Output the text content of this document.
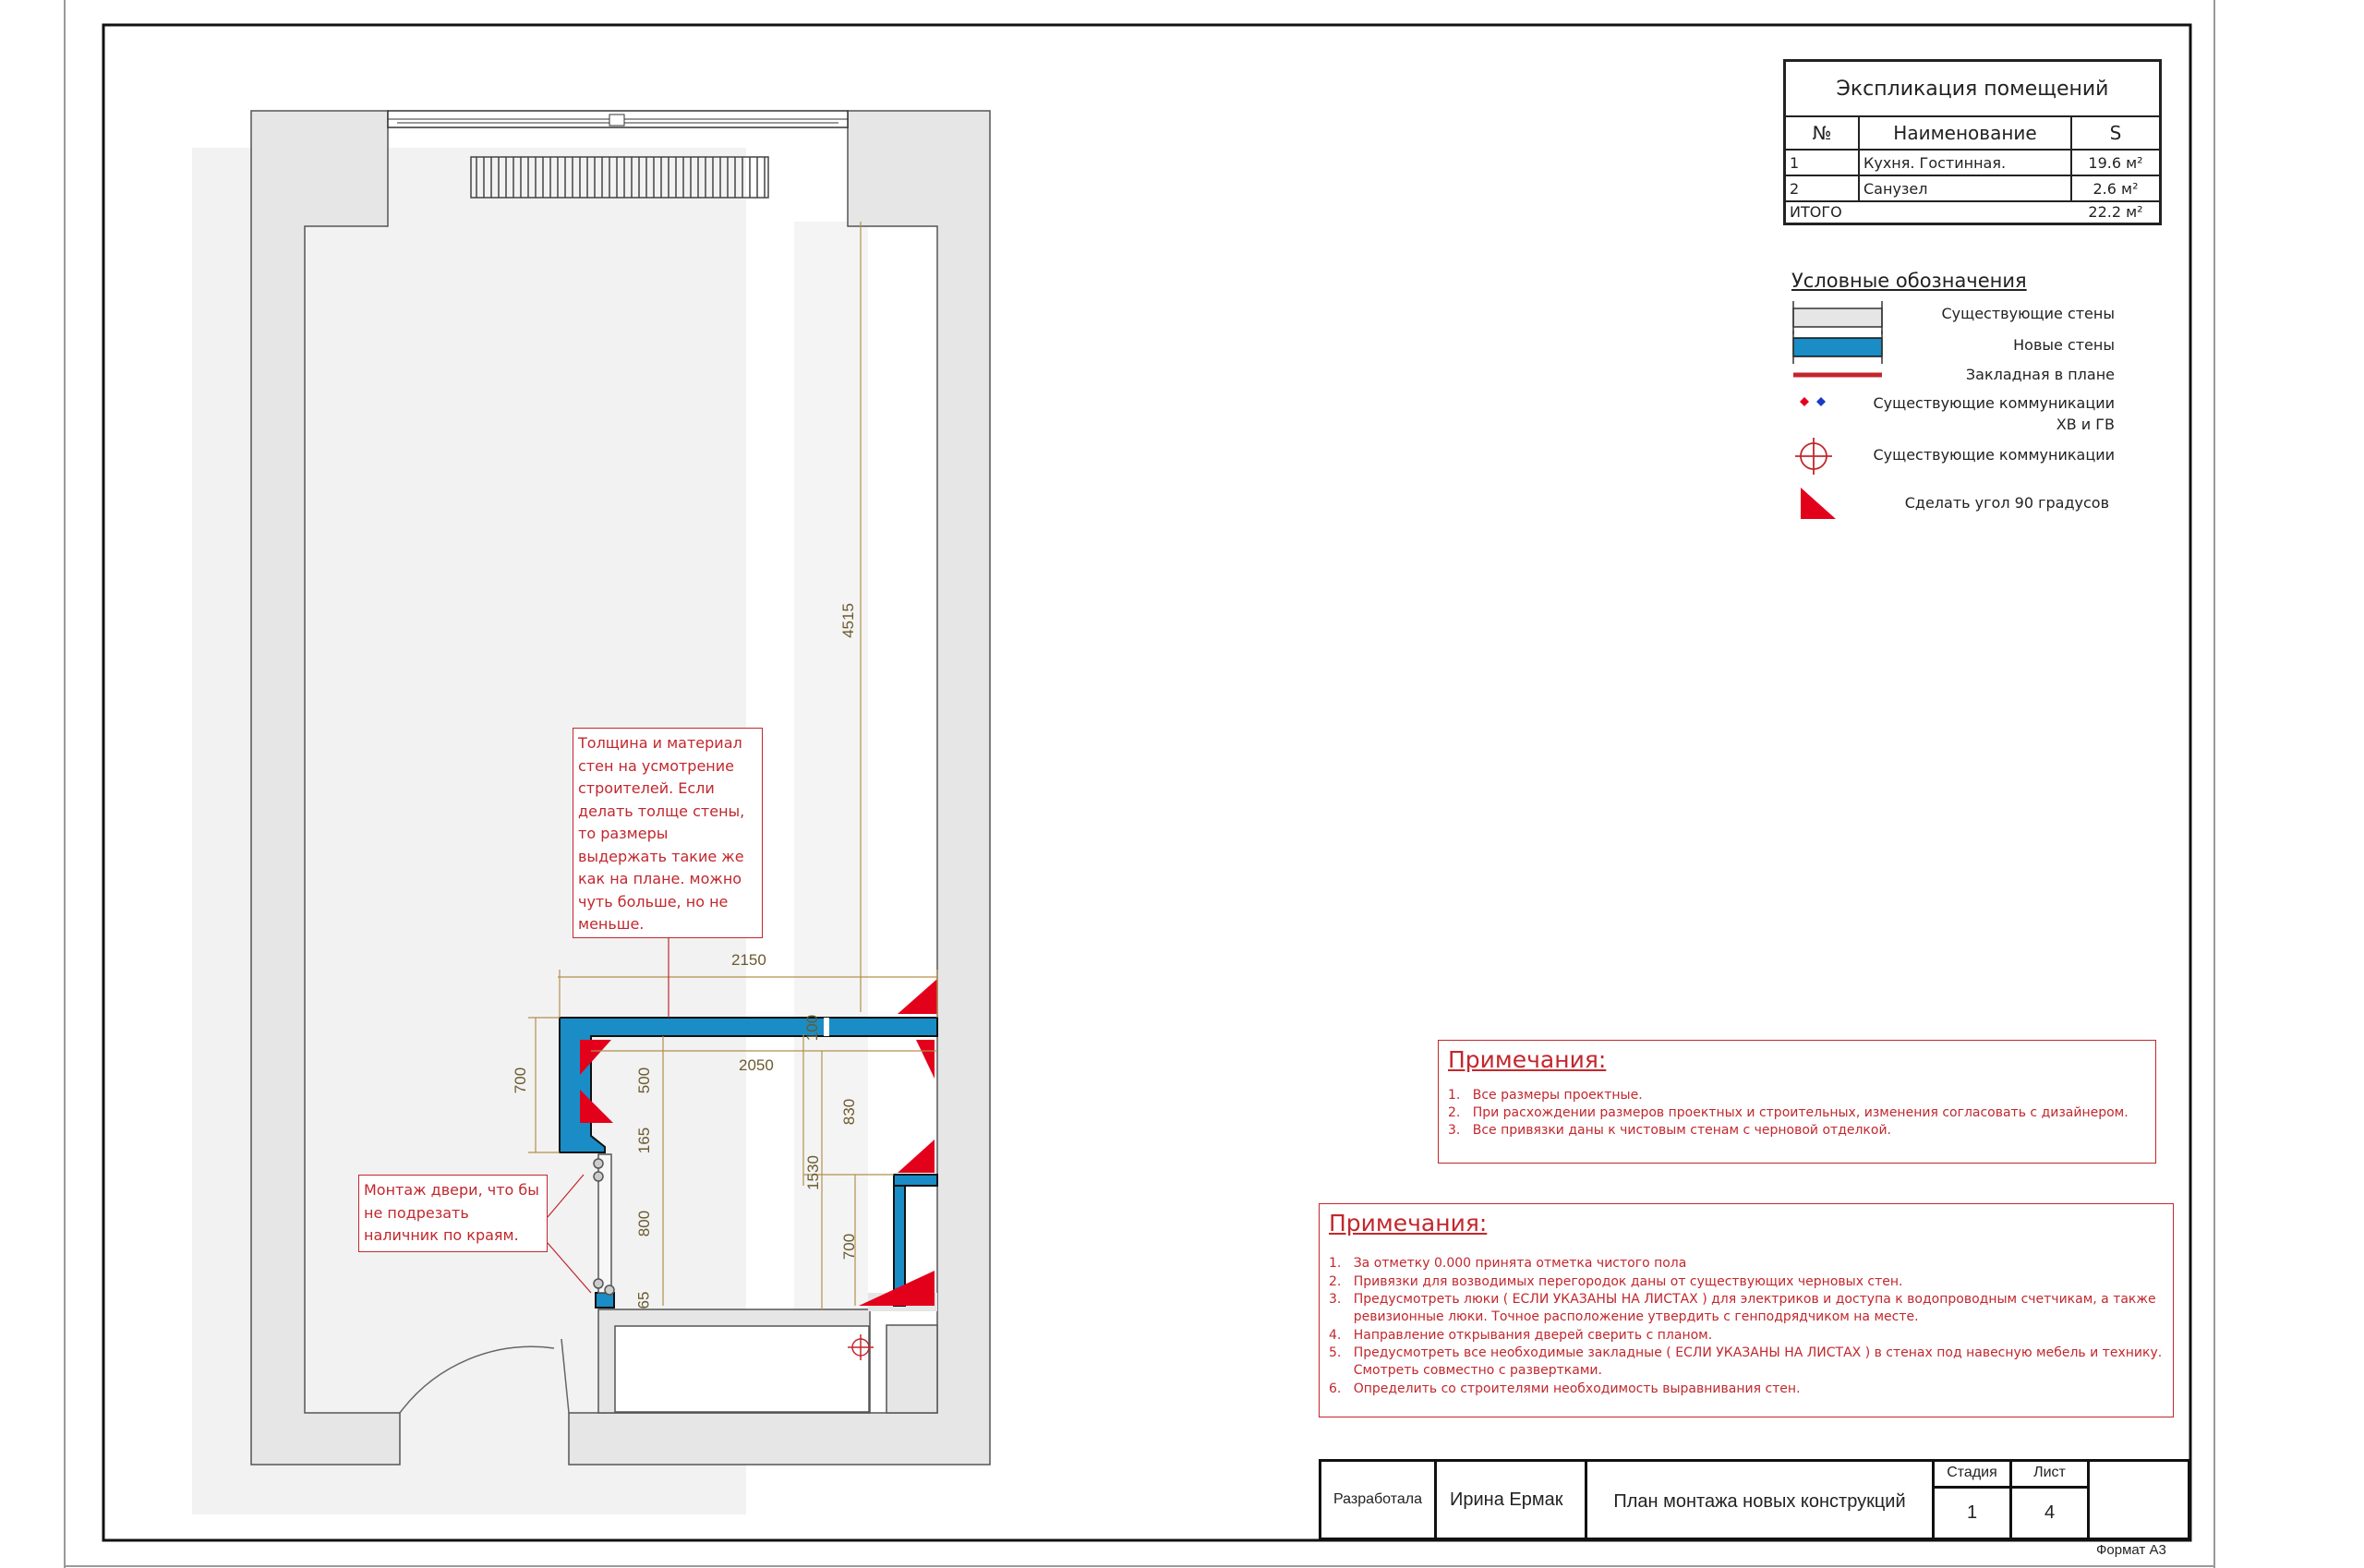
4515
2150
2050
100
700	500
165
800
65
1530
830
700
Толщина и материал стен на усмотрение строителей. Если делать толще стены, то размеры выдержать такие же как на плане. можно чуть больше, но не меньше.
Монтаж двери, что бы не подрезать наличник по краям.
Экспликация помещений
№	Наименование	S
1	Кухня. Гостинная.	19.6 м²
2	Санузел	2.6 м²
ИТОГО	22.2 м²
Условные обозначения
Существующие стены
Новые стены
Закладная в плане
Существующие коммуникации
ХВ и ГВ
Существующие коммуникации
Сделать угол 90 градусов
Примечания:
1.   Все размеры проектные.
2.   При расхождении размеров проектных и строительных, изменения согласовать с дизайнером.
3.   Все привязки даны к чистовым стенам с черновой отделкой.
Примечания:
1.   За отметку 0.000 принята отметка чистого пола
2.   Привязки для возводимых перегородок даны от существующих черновых стен.
3.   Предусмотреть люки ( ЕСЛИ УКАЗАНЫ НА ЛИСТАХ ) для электриков и доступа к водопроводным счетчикам, а также
ревизионные люки. Точное расположение утвердить с генподрядчиком на месте.
4.   Направление открывания дверей сверить с планом.
5.   Предусмотреть все необходимые закладные ( ЕСЛИ УКАЗАНЫ НА ЛИСТАХ ) в стенах под навесную мебель и технику.
Смотреть совместно с развертками.
6.   Определить со строителями необходимость выравнивания стен.
Разработала	Ирина Ермак	План монтажа новых конструкций
Стадия
1
Лист
4
Формат А3
